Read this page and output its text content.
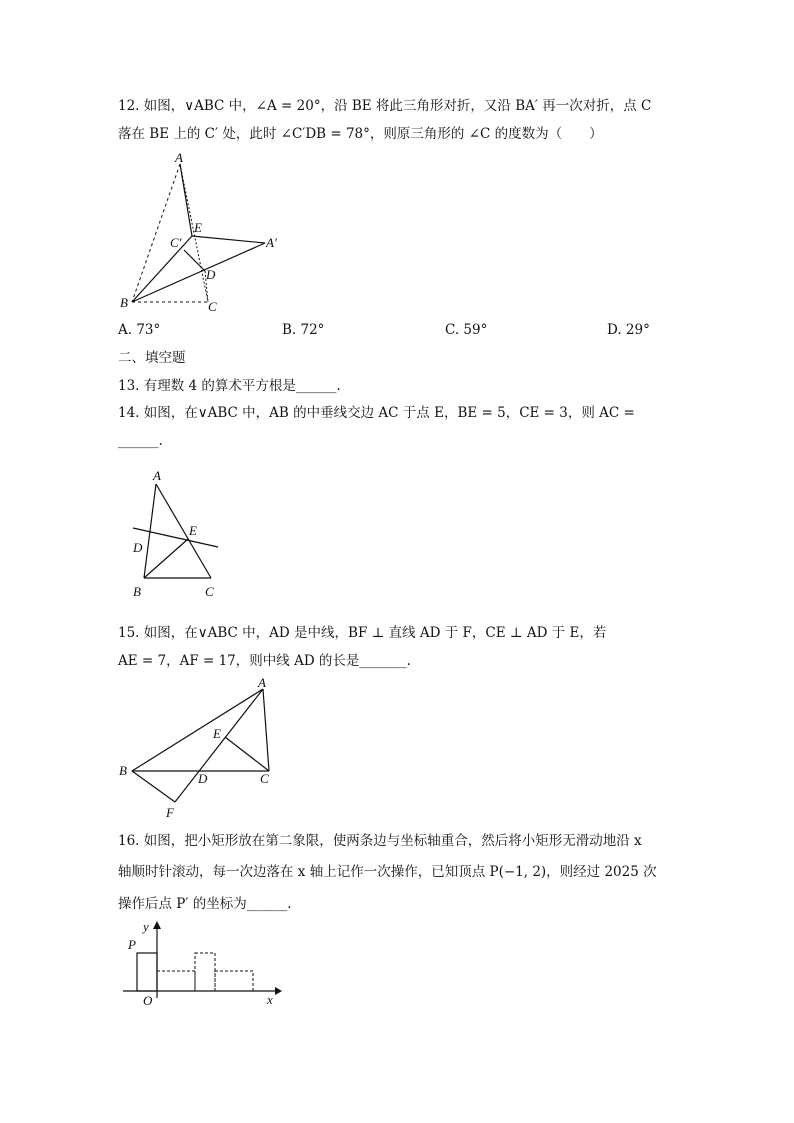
12. 如图，∨ABC 中，∠A = 20°，沿 BE 将此三角形对折，又沿 BA′ 再一次对折，点 C
落在 BE 上的 C′ 处，此时 ∠C′DB = 78°，则原三角形的 ∠C 的度数为（　　）
A
E
C′	A′
D
B	C
A. 73°	B. 72°	C. 59°	D. 29°
二、填空题
13. 有理数 4 的算术平方根是______.
14. 如图，在∨ABC 中，AB 的中垂线交边 AC 于点 E，BE = 5，CE = 3，则 AC =
______.
A
E
D
B	C
15. 如图，在∨ABC 中，AD 是中线，BF ⊥ 直线 AD 于 F，CE ⊥ AD 于 E，若
AE = 7，AF = 17，则中线 AD 的长是_______.
A
E
B
D	C
F
16. 如图，把小矩形放在第二象限，使两条边与坐标轴重合，然后将小矩形无滑动地沿 x
轴顺时针滚动，每一次边落在 x 轴上记作一次操作，已知顶点 P(−1, 2)，则经过 2025 次
操作后点 P′ 的坐标为______.
y
P
O	x
